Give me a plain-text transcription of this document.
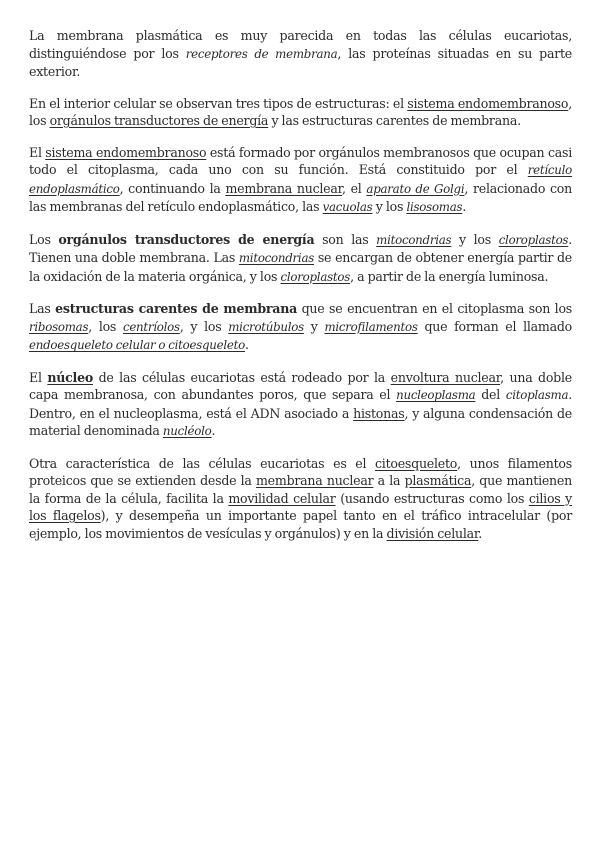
La membrana plasmática es muy parecida en todas las células eucariotas, distinguiéndose por los receptores de membrana, las proteínas situadas en su parte exterior.

En el interior celular se observan tres tipos de estructuras: el sistema endomembranoso, los orgánulos transductores de energía y las estructuras carentes de membrana.

El sistema endomembranoso está formado por orgánulos membranosos que ocupan casi todo el citoplasma, cada uno con su función. Está constituido por el retículo endoplasmático, continuando la membrana nuclear, el aparato de Golgi, relacionado con las membranas del retículo endoplasmático, las vacuolas y los lisosomas.

Los orgánulos transductores de energía son las mitocondrias y los cloroplastos. Tienen una doble membrana. Las mitocondrias se encargan de obtener energía partir de la oxidación de la materia orgánica, y los cloroplastos, a partir de la energía luminosa.

Las estructuras carentes de membrana que se encuentran en el citoplasma son los ribosomas, los centríolos, y los microtúbulos y microfilamentos que forman el llamado endoesqueleto celular o citoesqueleto.

El núcleo de las células eucariotas está rodeado por la envoltura nuclear, una doble capa membranosa, con abundantes poros, que separa el nucleoplasma del citoplasma. Dentro, en el nucleoplasma, está el ADN asociado a histonas, y alguna condensación de material denominada nucléolo.

Otra característica de las células eucariotas es el citoesqueleto, unos filamentos proteicos que se extienden desde la membrana nuclear a la plasmática, que mantienen la forma de la célula, facilita la movilidad celular (usando estructuras como los cilios y los flagelos), y desempeña un importante papel tanto en el tráfico intracelular (por ejemplo, los movimientos de vesículas y orgánulos) y en la división celular.
